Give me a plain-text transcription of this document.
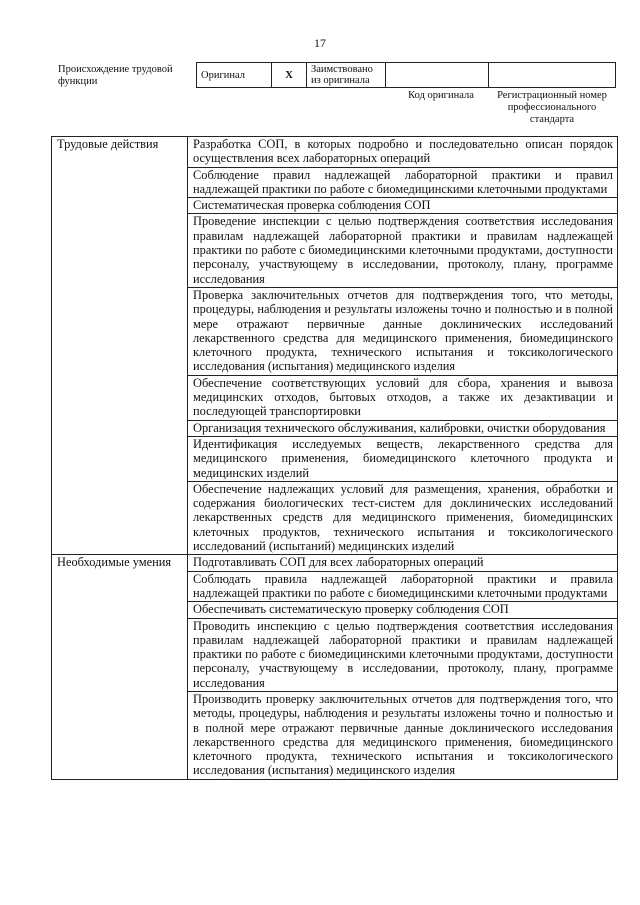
17
Происхождение трудовой функции
Оригинал	X	Заимствовано из оригинала		
Код оригинала	Регистрационный номер профессионального стандарта
Трудовые действия	Разработка СОП, в которых подробно и последовательно описан порядок осуществления всех лабораторных операций
	Соблюдение правил надлежащей лабораторной практики и правил надлежащей практики по работе с биомедицинскими клеточными продуктами
	Систематическая проверка соблюдения СОП
	Проведение инспекции с целью подтверждения соответствия исследования правилам надлежащей лабораторной практики и правилам надлежащей практики по работе с биомедицинскими клеточными продуктами, доступности персоналу, участвующему в исследовании, протоколу, плану, программе исследования
	Проверка заключительных отчетов для подтверждения того, что методы, процедуры, наблюдения и результаты изложены точно и полностью и в полной мере отражают первичные данные доклинических исследований лекарственного средства для медицинского применения, биомедицинского клеточного продукта, технического испытания и токсикологического исследования (испытания) медицинского изделия
	Обеспечение соответствующих условий для сбора, хранения и вывоза медицинских отходов, бытовых отходов, а также их дезактивации и последующей транспортировки
	Организация технического обслуживания, калибровки, очистки оборудования
	Идентификация исследуемых веществ, лекарственного средства для медицинского применения, биомедицинского клеточного продукта и медицинских изделий
	Обеспечение надлежащих условий для размещения, хранения, обработки и содержания биологических тест-систем для доклинических исследований лекарственных средств для медицинского применения, биомедицинских клеточных продуктов, технического испытания и токсикологического исследований (испытаний) медицинских изделий
Необходимые умения	Подготавливать СОП для всех лабораторных операций
	Соблюдать правила надлежащей лабораторной практики и правила надлежащей практики по работе с биомедицинскими клеточными продуктами
	Обеспечивать систематическую проверку соблюдения СОП
	Проводить инспекцию с целью подтверждения соответствия исследования правилам надлежащей лабораторной практики и правилам надлежащей практики по работе с биомедицинскими клеточными продуктами, доступности персоналу, участвующему в исследовании, протоколу, плану, программе исследования
	Производить проверку заключительных отчетов для подтверждения того, что методы, процедуры, наблюдения и результаты изложены точно и полностью и в полной мере отражают первичные данные доклинического исследования лекарственного средства для медицинского применения, биомедицинского клеточного продукта, технического испытания и токсикологического исследования (испытания) медицинского изделия
